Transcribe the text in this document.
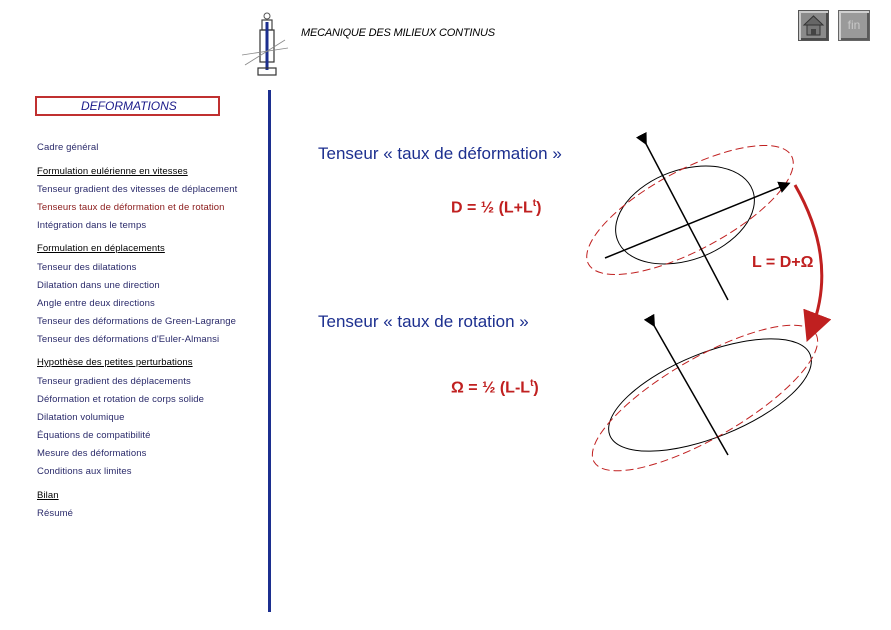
MECANIQUE DES MILIEUX CONTINUS
fin
DEFORMATIONS
Cadre général
Formulation eulérienne en vitesses
Tenseur gradient des vitesses de déplacement
Tenseurs taux de déformation et de rotation
Intégration dans le temps
Formulation en déplacements
Tenseur des dilatations
Dilatation dans une direction
Angle entre deux directions
Tenseur des déformations de Green-Lagrange
Tenseur des déformations d'Euler-Almansi
Hypothèse des petites perturbations
Tenseur gradient des déplacements
Déformation et rotation de corps solide
Dilatation volumique
Équations de compatibilité
Mesure des déformations
Conditions aux limites
Bilan
Résumé
Tenseur « taux de déformation »
D = ½ $(L+L^t)$
L = D+Ω
Tenseur « taux de rotation »
Ω = ½ $(L-L^t)$
